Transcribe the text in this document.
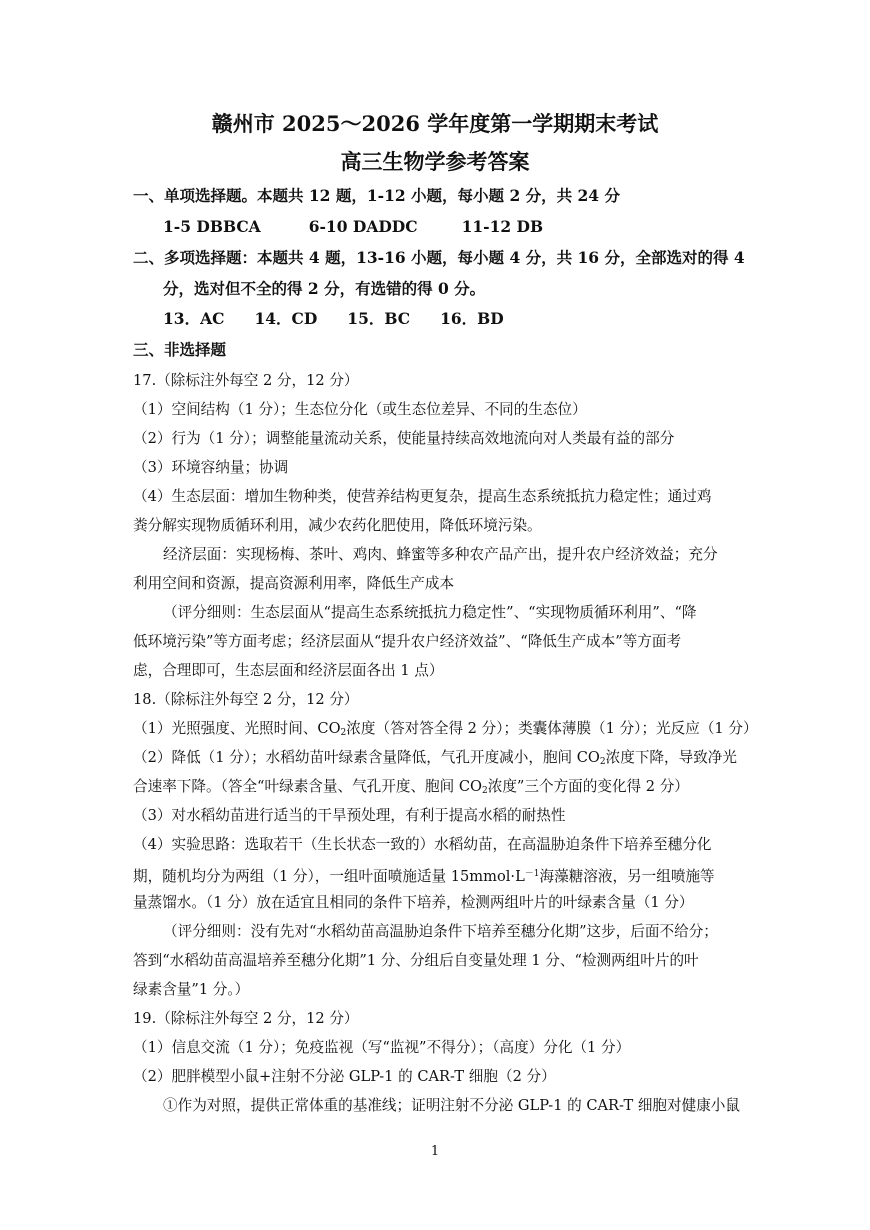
赣州市 2025～2026 学年度第一学期期末考试
高三生物学参考答案
一、单项选择题。本题共 12 题，1-12 小题，每小题 2 分，共 24 分
1-5 DBBCA	6-10 DADDC	11-12 DB
二、多项选择题：本题共 4 题，13-16 小题，每小题 4 分，共 16 分，全部选对的得 4
分，选对但不全的得 2 分，有选错的得 0 分。
13．AC 14．CD 15．BC 16．BD
三、非选择题
17.（除标注外每空 2 分，12 分）
（1）空间结构（1 分）；生态位分化（或生态位差异、不同的生态位）
（2）行为（1 分）；调整能量流动关系，使能量持续高效地流向对人类最有益的部分
（3）环境容纳量；协调
（4）生态层面：增加生物种类，使营养结构更复杂，提高生态系统抵抗力稳定性；通过鸡
粪分解实现物质循环利用，减少农药化肥使用，降低环境污染。
经济层面：实现杨梅、茶叶、鸡肉、蜂蜜等多种农产品产出，提升农户经济效益；充分
利用空间和资源，提高资源利用率，降低生产成本
（评分细则：生态层面从“提高生态系统抵抗力稳定性”、“实现物质循环利用”、“降
低环境污染”等方面考虑；经济层面从“提升农户经济效益”、“降低生产成本”等方面考
虑，合理即可，生态层面和经济层面各出 1 点）
18.（除标注外每空 2 分，12 分）
（1）光照强度、光照时间、$CO_2$浓度（答对答全得 2 分）；类囊体薄膜（1 分）；光反应（1 分）
（2）降低（1 分）；水稻幼苗叶绿素含量降低，气孔开度减小，胞间 $CO_2$浓度下降，导致净光
合速率下降。（答全“叶绿素含量、气孔开度、胞间 $CO_2$浓度”三个方面的变化得 2 分）
（3）对水稻幼苗进行适当的干旱预处理，有利于提高水稻的耐热性
（4）实验思路：选取若干（生长状态一致的）水稻幼苗，在高温胁迫条件下培养至穗分化
期，随机均分为两组（1 分），一组叶面喷施适量 $15mmol\cdot L^{-1}$海藻糖溶液，另一组喷施等
量蒸馏水。（1 分）放在适宜且相同的条件下培养，检测两组叶片的叶绿素含量（1 分）
（评分细则：没有先对“水稻幼苗高温胁迫条件下培养至穗分化期”这步，后面不给分；
答到“水稻幼苗高温培养至穗分化期”1 分、分组后自变量处理 1 分、“检测两组叶片的叶
绿素含量”1 分。）
19.（除标注外每空 2 分，12 分）
（1）信息交流（1 分）；免疫监视（写“监视”不得分）；（高度）分化（1 分）
（2）肥胖模型小鼠+注射不分泌 GLP-1 的 CAR-T 细胞（2 分）
①作为对照，提供正常体重的基准线；证明注射不分泌 GLP-1 的 CAR-T 细胞对健康小鼠
1
